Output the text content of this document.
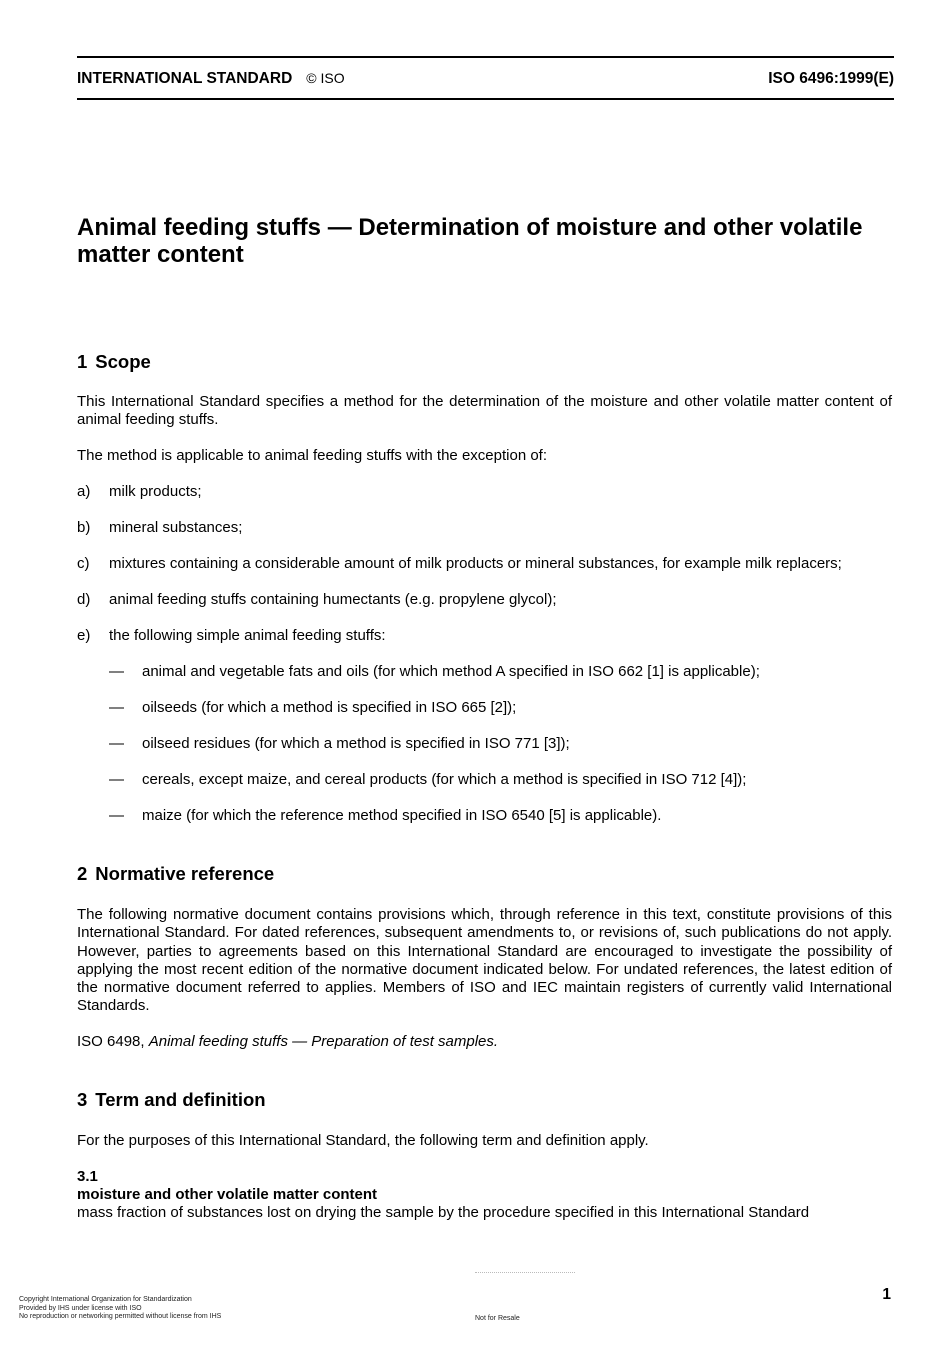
INTERNATIONAL STANDARD © ISO	ISO 6496:1999(E)
Animal feeding stuffs — Determination of moisture and other volatile matter content
1 Scope

This International Standard specifies a method for the determination of the moisture and other volatile matter content of animal feeding stuffs.

The method is applicable to animal feeding stuffs with the exception of:

a) milk products;
b) mineral substances;
c) mixtures containing a considerable amount of milk products or mineral substances, for example milk replacers;
d) animal feeding stuffs containing humectants (e.g. propylene glycol);
e) the following simple animal feeding stuffs:
— animal and vegetable fats and oils (for which method A specified in ISO 662 [1] is applicable);
— oilseeds (for which a method is specified in ISO 665 [2]);
— oilseed residues (for which a method is specified in ISO 771 [3]);
— cereals, except maize, and cereal products (for which a method is specified in ISO 712 [4]);
— maize (for which the reference method specified in ISO 6540 [5] is applicable).
2 Normative reference

The following normative document contains provisions which, through reference in this text, constitute provisions of this International Standard. For dated references, subsequent amendments to, or revisions of, such publications do not apply. However, parties to agreements based on this International Standard are encouraged to investigate the possibility of applying the most recent edition of the normative document indicated below. For undated references, the latest edition of the normative document referred to applies. Members of ISO and IEC maintain registers of currently valid International Standards.

ISO 6498, Animal feeding stuffs — Preparation of test samples.

3 Term and definition

For the purposes of this International Standard, the following term and definition apply.

3.1

moisture and other volatile matter content

mass fraction of substances lost on drying the sample by the procedure specified in this International Standard

1
Copyright International Organization for Standardization
Provided by IHS under license with ISO
No reproduction or networking permitted without license from IHS	Not for Resale
